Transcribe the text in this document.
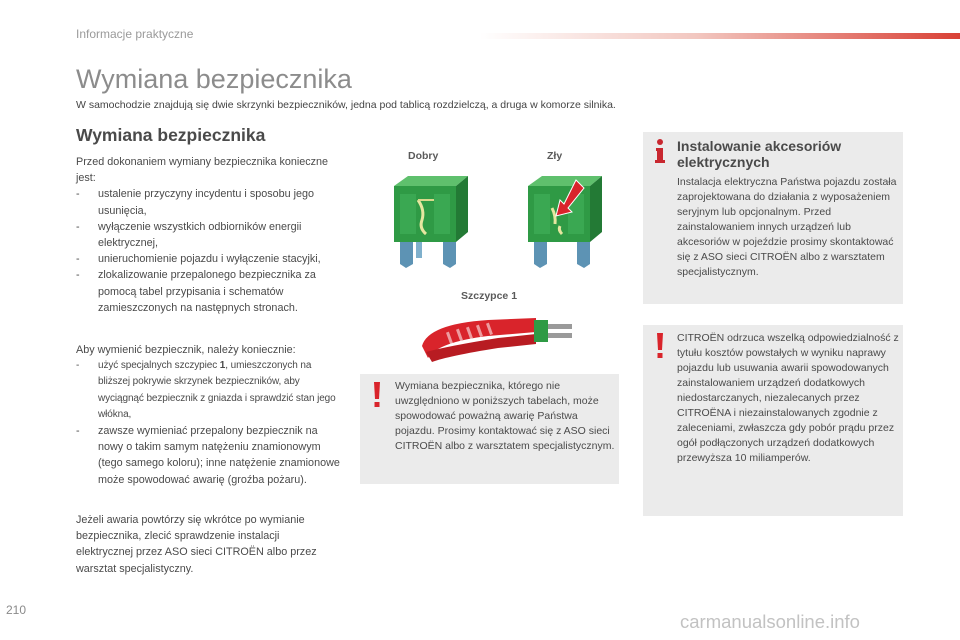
Informacje praktyczne
Wymiana bezpiecznika

W samochodzie znajdują się dwie skrzynki bezpieczników, jedna pod tablicą rozdzielczą, a druga w komorze silnika.

Wymiana bezpiecznika
Przed dokonaniem wymiany bezpiecznika konieczne jest:
- ustalenie przyczyny incydentu i sposobu jego usunięcia,
- wyłączenie wszystkich odbiorników energii elektrycznej,
- unieruchomienie pojazdu i wyłączenie stacyjki,
- zlokalizowanie przepalonego bezpiecznika za pomocą tabel przypisania i schematów zamieszczonych na następnych stronach.
Aby wymienić bezpiecznik, należy koniecznie:
- użyć specjalnych szczypiec 1, umieszczonych na bliższej pokrywie skrzynek bezpieczników, aby wyciągnąć bezpiecznik z gniazda i sprawdzić stan jego włókna,
- zawsze wymieniać przepalony bezpiecznik na nowy o takim samym natężeniu znamionowym (tego samego koloru); inne natężenie znamionowe może spowodować awarię (groźba pożaru).
Jeżeli awaria powtórzy się wkrótce po wymianie bezpiecznika, zlecić sprawdzenie instalacji elektrycznej przez ASO sieci CITROËN albo przez warsztat specjalistyczny.
Dobry	Zły
Szczypce 1
Wymiana bezpiecznika, którego nie uwzględniono w poniższych tabelach, może spowodować poważną awarię Państwa pojazdu. Prosimy kontaktować się z ASO sieci CITROËN albo z warsztatem specjalistycznym.
Instalowanie akcesoriów elektrycznych
Instalacja elektryczna Państwa pojazdu została zaprojektowana do działania z wyposażeniem seryjnym lub opcjonalnym. Przed zainstalowaniem innych urządzeń lub akcesoriów w pojeździe prosimy skontaktować się z ASO sieci CITROËN albo z warsztatem specjalistycznym.
CITROËN odrzuca wszelką odpowiedzialność z tytułu kosztów powstałych w wyniku naprawy pojazdu lub usuwania awarii spowodowanych zainstalowaniem urządzeń dodatkowych niedostarczanych, niezalecanych przez CITROËNA i niezainstalowanych zgodnie z zaleceniami, zwłaszcza gdy pobór prądu przez ogół podłączonych urządzeń dodatkowych przewyższa 10 miliamperów.
210
carmanualsonline.info
